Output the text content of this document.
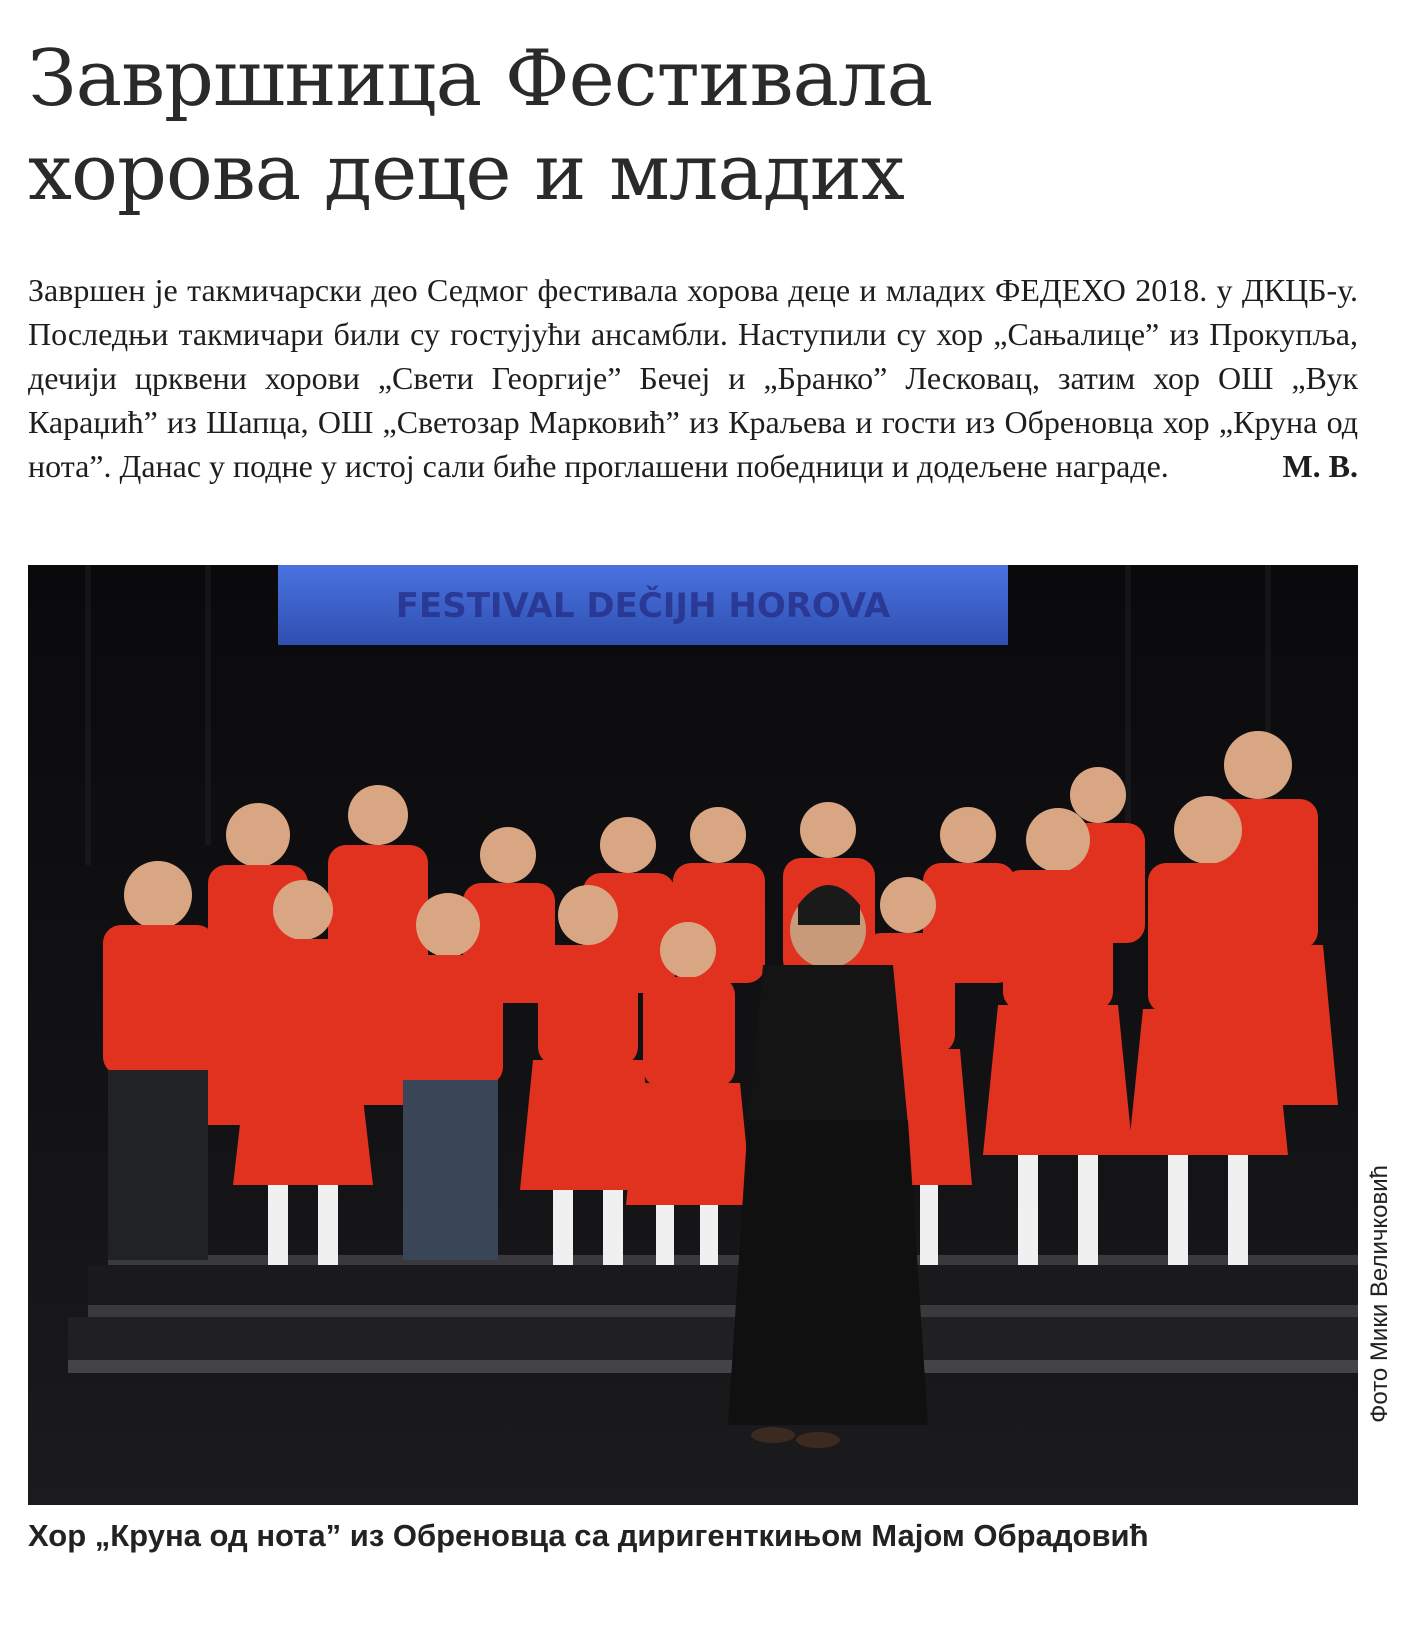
Завршница Фестивала
хорова деце и младих

Завршен је такмичарски део Седмог фестивала хорова деце и младих ФЕДЕХО 2018. у ДКЦБ-у. Последњи такмичари били су гостујући ансамбли. Наступили су хор „Сањалице” из Прокупља, дечији црквени хорови „Свети Георгије” Бечеј и „Бранко” Лесковац, затим хор ОШ „Вук Караџић” из Шапца, ОШ „Светозар Марковић” из Краљева и гости из Обреновца хор „Круна од нота”. Данас у подне у истој сали биће проглашени победници и додељене награде.	М. В.

FESTIVAL DEČIJH HOROVA
Фото Мики Величковић

Хор „Круна од нота” из Обреновца са диригенткињом Мајом Обрадовић
